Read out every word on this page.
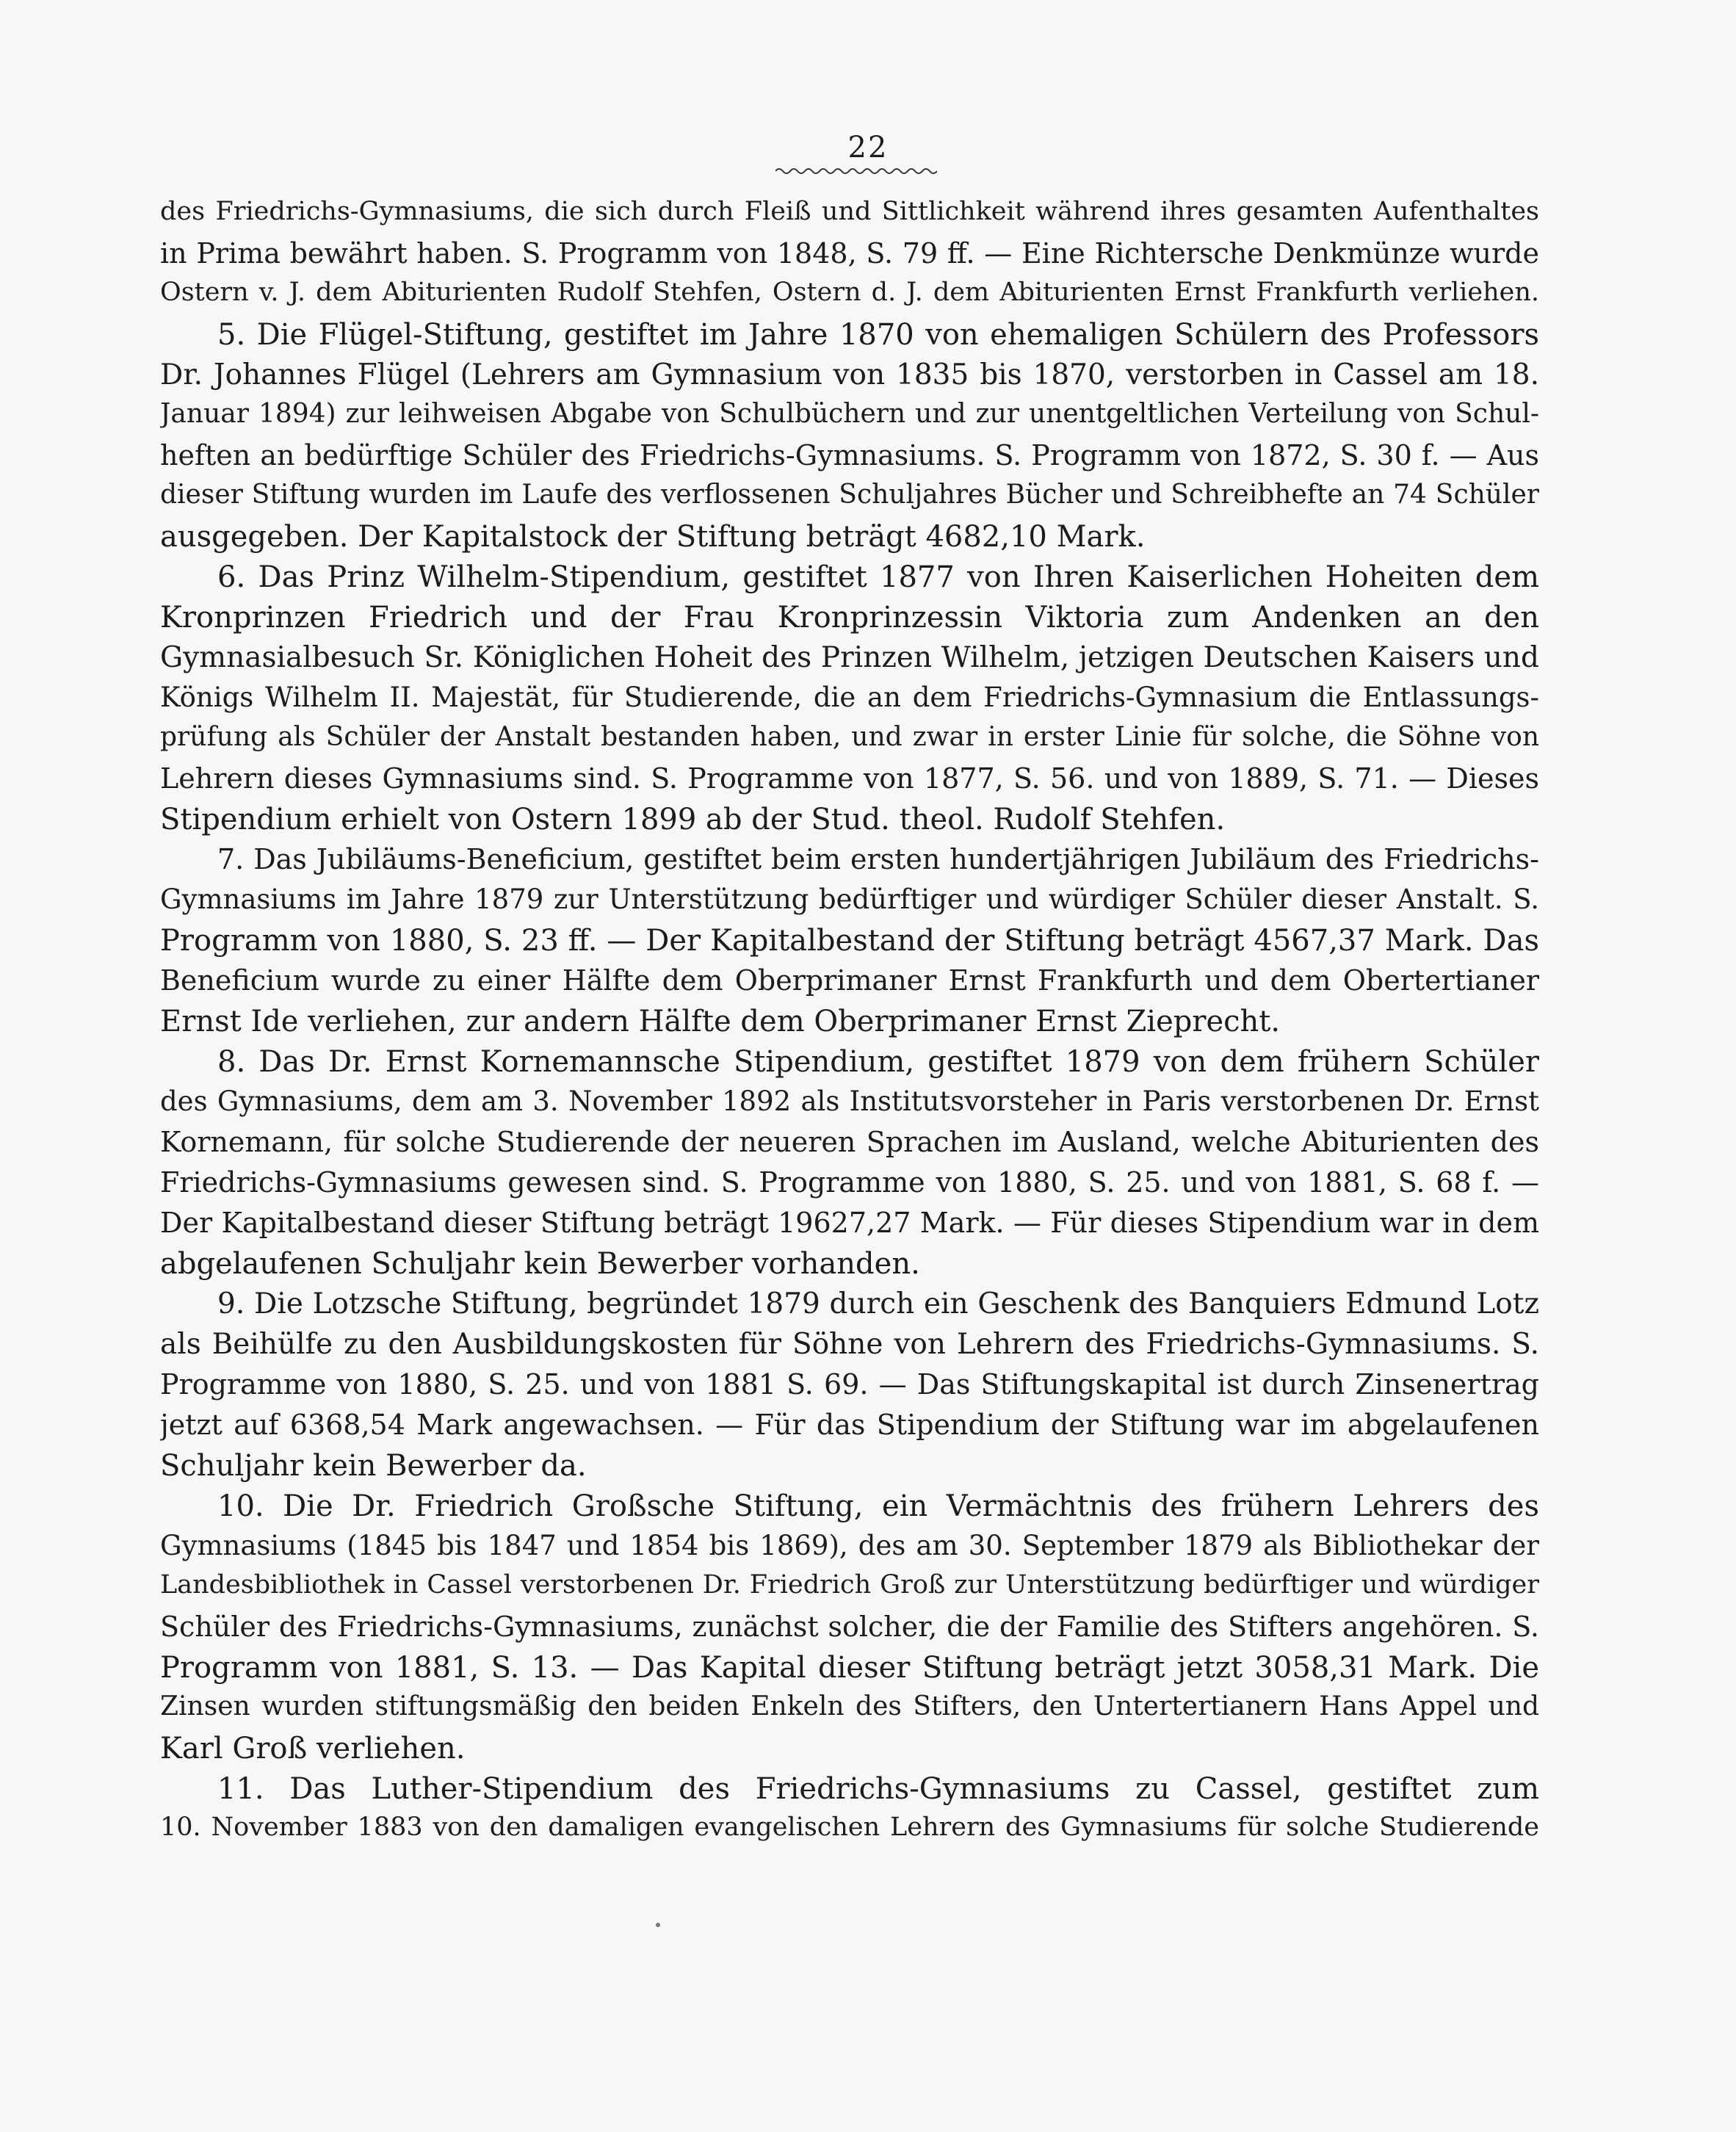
22
des Friedrichs-Gymnasiums, die sich durch Fleiß und Sittlichkeit während ihres gesamten Aufenthaltes
in Prima bewährt haben. S. Programm von 1848, S. 79 ff. — Eine Richtersche Denkmünze wurde
Ostern v. J. dem Abiturienten Rudolf Stehfen, Ostern d. J. dem Abiturienten Ernst Frankfurth verliehen.
5. Die Flügel-Stiftung, gestiftet im Jahre 1870 von ehemaligen Schülern des Professors
Dr. Johannes Flügel (Lehrers am Gymnasium von 1835 bis 1870, verstorben in Cassel am 18.
Januar 1894) zur leihweisen Abgabe von Schulbüchern und zur unentgeltlichen Verteilung von Schul-
heften an bedürftige Schüler des Friedrichs-Gymnasiums. S. Programm von 1872, S. 30 f. — Aus
dieser Stiftung wurden im Laufe des verflossenen Schuljahres Bücher und Schreibhefte an 74 Schüler
ausgegeben. Der Kapitalstock der Stiftung beträgt 4682,10 Mark.
6. Das Prinz Wilhelm-Stipendium, gestiftet 1877 von Ihren Kaiserlichen Hoheiten dem
Kronprinzen Friedrich und der Frau Kronprinzessin Viktoria zum Andenken an den
Gymnasialbesuch Sr. Königlichen Hoheit des Prinzen Wilhelm, jetzigen Deutschen Kaisers und
Königs Wilhelm II. Majestät, für Studierende, die an dem Friedrichs-Gymnasium die Entlassungs-
prüfung als Schüler der Anstalt bestanden haben, und zwar in erster Linie für solche, die Söhne von
Lehrern dieses Gymnasiums sind. S. Programme von 1877, S. 56. und von 1889, S. 71. — Dieses
Stipendium erhielt von Ostern 1899 ab der Stud. theol. Rudolf Stehfen.
7. Das Jubiläums-Beneficium, gestiftet beim ersten hundertjährigen Jubiläum des Friedrichs-
Gymnasiums im Jahre 1879 zur Unterstützung bedürftiger und würdiger Schüler dieser Anstalt. S.
Programm von 1880, S. 23 ff. — Der Kapitalbestand der Stiftung beträgt 4567,37 Mark. Das
Beneficium wurde zu einer Hälfte dem Oberprimaner Ernst Frankfurth und dem Obertertianer
Ernst Ide verliehen, zur andern Hälfte dem Oberprimaner Ernst Zieprecht.
8. Das Dr. Ernst Kornemannsche Stipendium, gestiftet 1879 von dem frühern Schüler
des Gymnasiums, dem am 3. November 1892 als Institutsvorsteher in Paris verstorbenen Dr. Ernst
Kornemann, für solche Studierende der neueren Sprachen im Ausland, welche Abiturienten des
Friedrichs-Gymnasiums gewesen sind. S. Programme von 1880, S. 25. und von 1881, S. 68 f. —
Der Kapitalbestand dieser Stiftung beträgt 19627,27 Mark. — Für dieses Stipendium war in dem
abgelaufenen Schuljahr kein Bewerber vorhanden.
9. Die Lotzsche Stiftung, begründet 1879 durch ein Geschenk des Banquiers Edmund Lotz
als Beihülfe zu den Ausbildungskosten für Söhne von Lehrern des Friedrichs-Gymnasiums. S.
Programme von 1880, S. 25. und von 1881 S. 69. — Das Stiftungskapital ist durch Zinsenertrag
jetzt auf 6368,54 Mark angewachsen. — Für das Stipendium der Stiftung war im abgelaufenen
Schuljahr kein Bewerber da.
10. Die Dr. Friedrich Großsche Stiftung, ein Vermächtnis des frühern Lehrers des
Gymnasiums (1845 bis 1847 und 1854 bis 1869), des am 30. September 1879 als Bibliothekar der
Landesbibliothek in Cassel verstorbenen Dr. Friedrich Groß zur Unterstützung bedürftiger und würdiger
Schüler des Friedrichs-Gymnasiums, zunächst solcher, die der Familie des Stifters angehören. S.
Programm von 1881, S. 13. — Das Kapital dieser Stiftung beträgt jetzt 3058,31 Mark. Die
Zinsen wurden stiftungsmäßig den beiden Enkeln des Stifters, den Untertertianern Hans Appel und
Karl Groß verliehen.
11. Das Luther-Stipendium des Friedrichs-Gymnasiums zu Cassel, gestiftet zum
10. November 1883 von den damaligen evangelischen Lehrern des Gymnasiums für solche Studierende
